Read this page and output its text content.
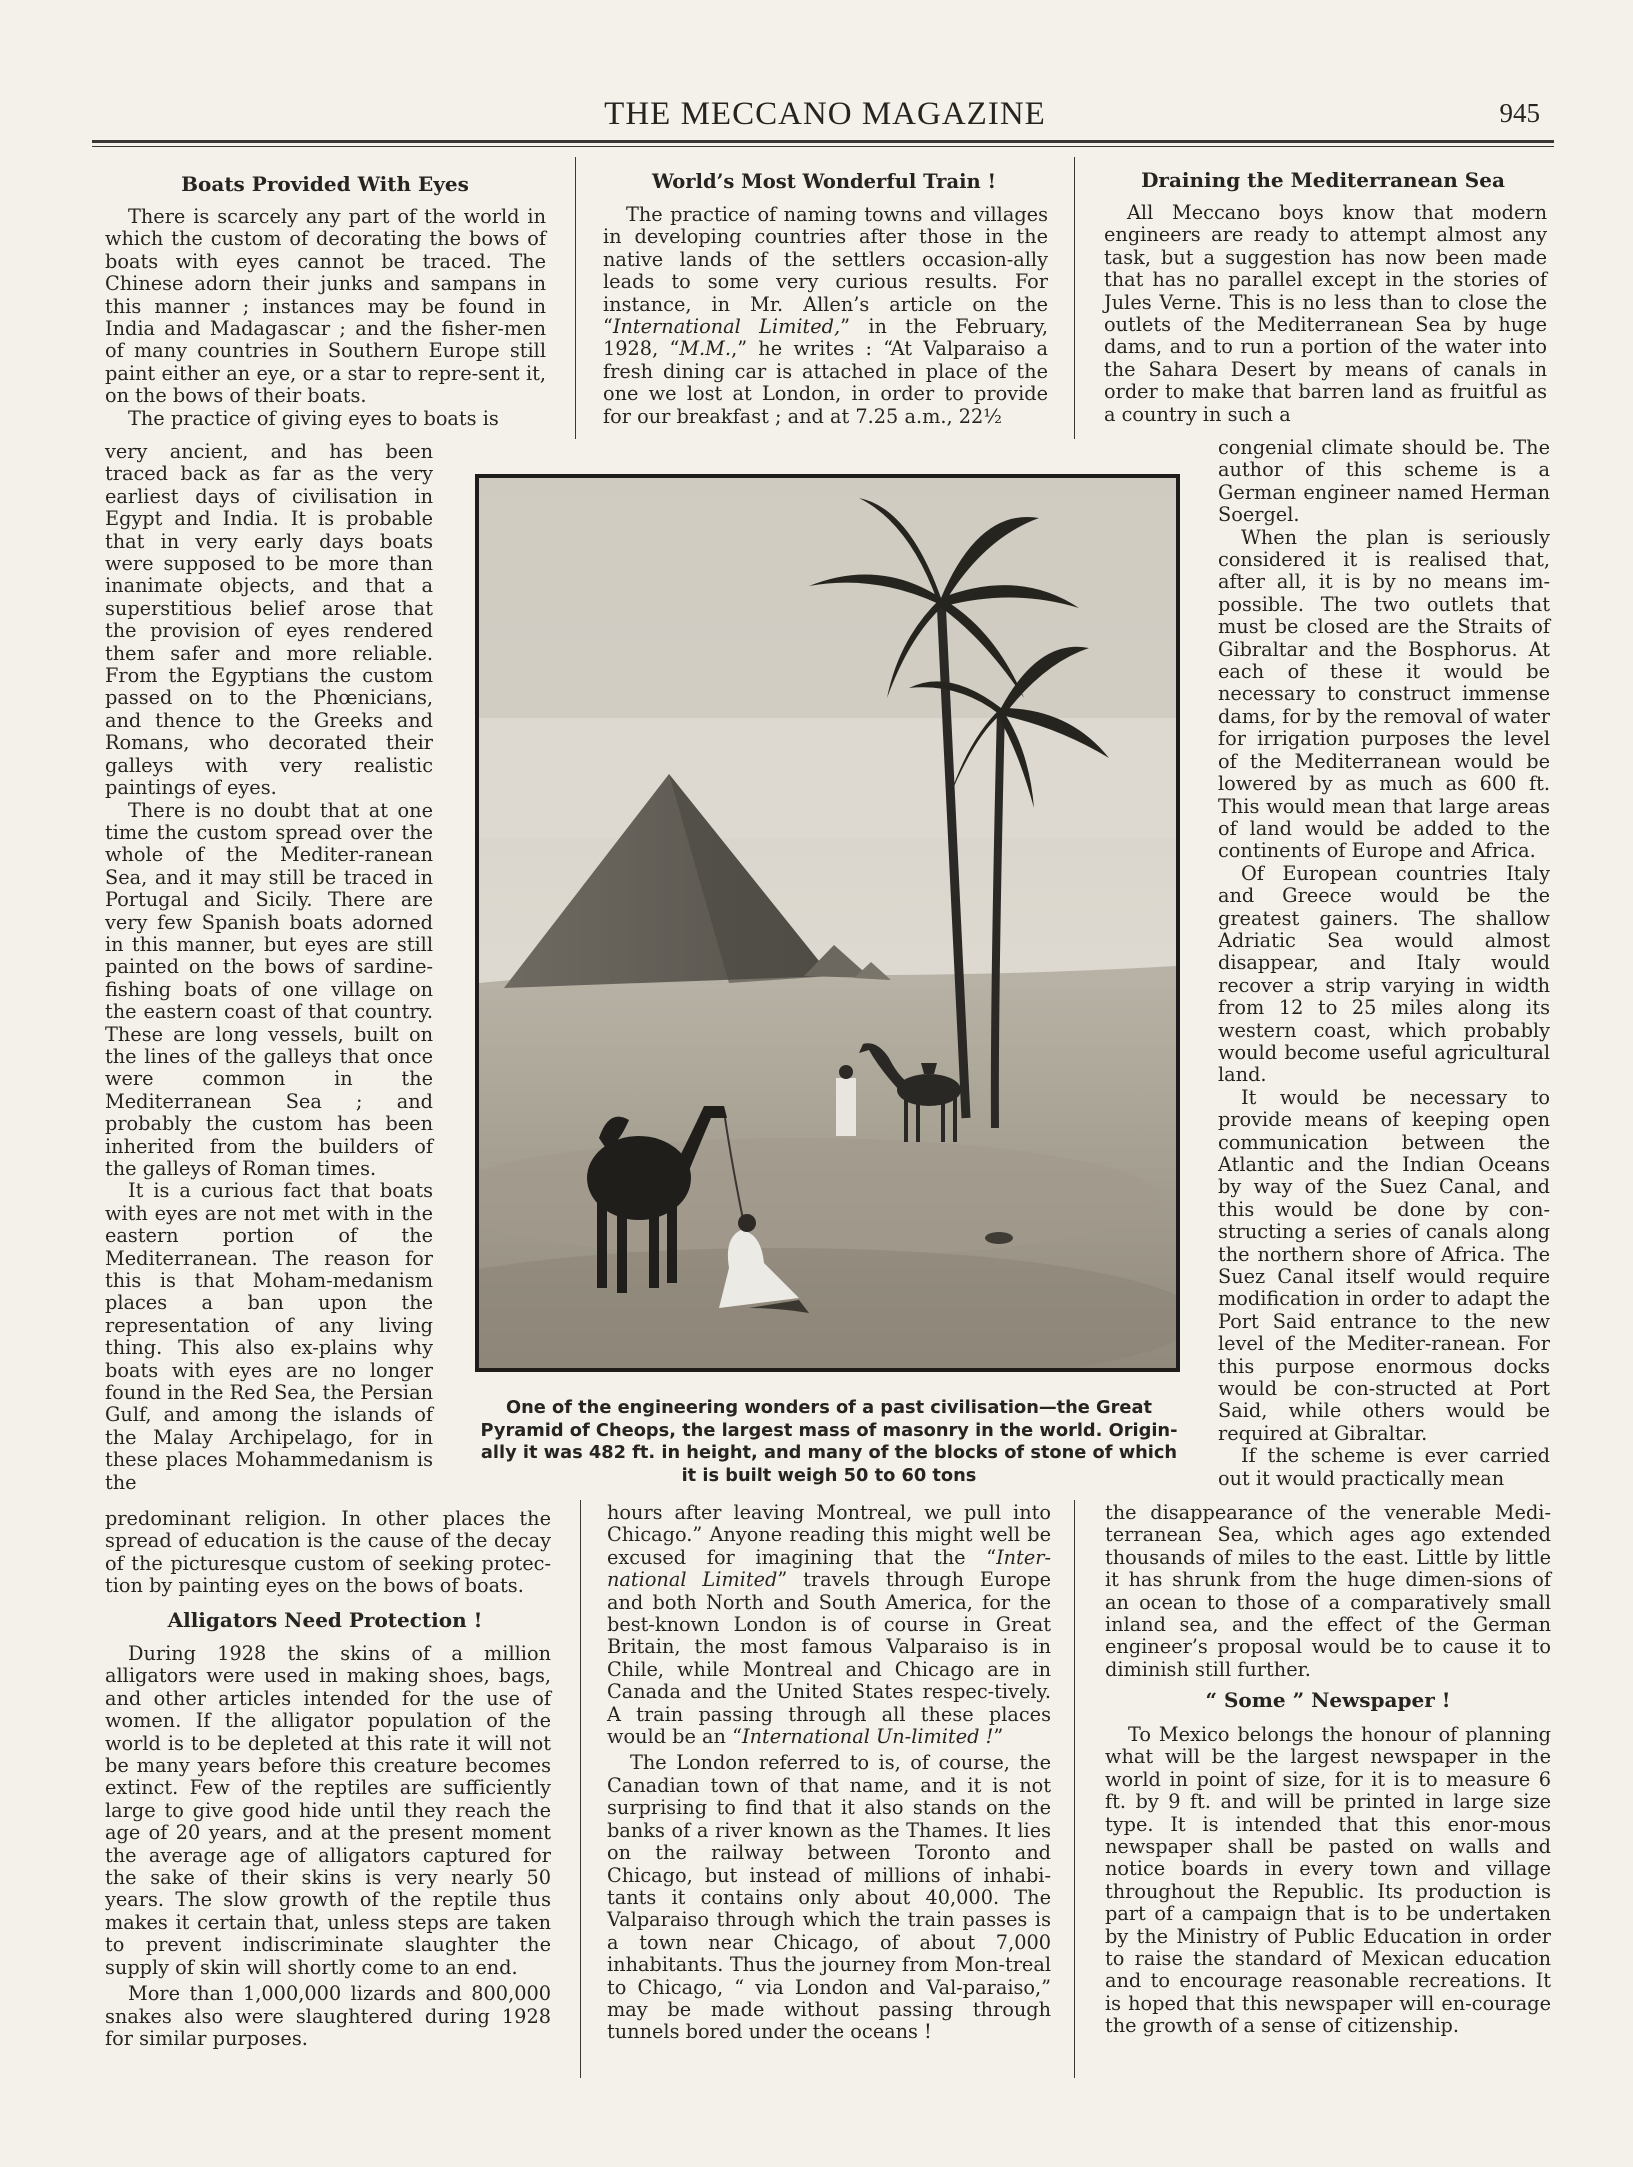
THE MECCANO MAGAZINE	945
Boats Provided With Eyes

There is scarcely any part of the world in which the custom of decorating the bows of boats with eyes cannot be traced. The Chinese adorn their junks and sampans in this manner ; instances may be found in India and Madagascar ; and the fisher-men of many countries in Southern Europe still paint either an eye, or a star to repre-sent it, on the bows of their boats.

The practice of giving eyes to boats is

very ancient, and has been traced back as far as the very earliest days of civilisation in Egypt and India. It is probable that in very early days boats were supposed to be more than inanimate objects, and that a superstitious belief arose that the provision of eyes rendered them safer and more reliable. From the Egyptians the custom passed on to the Phœnicians, and thence to the Greeks and Romans, who decorated their galleys with very realistic paintings of eyes.

There is no doubt that at one time the custom spread over the whole of the Mediter-ranean Sea, and it may still be traced in Portugal and Sicily. There are very few Spanish boats adorned in this manner, but eyes are still painted on the bows of sardine-fishing boats of one village on the eastern coast of that country. These are long vessels, built on the lines of the galleys that once were common in the Mediterranean Sea ; and probably the custom has been inherited from the builders of the galleys of Roman times.

It is a curious fact that boats with eyes are not met with in the eastern portion of the Mediterranean. The reason for this is that Moham-medanism places a ban upon the representation of any living thing. This also ex-plains why boats with eyes are no longer found in the Red Sea, the Persian Gulf, and among the islands of the Malay Archipelago, for in these places Mohammedanism is the

predominant religion. In other places the spread of education is the cause of the decay of the picturesque custom of seeking protec-tion by painting eyes on the bows of boats.

Alligators Need Protection !

During 1928 the skins of a million alligators were used in making shoes, bags, and other articles intended for the use of women. If the alligator population of the world is to be depleted at this rate it will not be many years before this creature becomes extinct. Few of the reptiles are sufficiently large to give good hide until they reach the age of 20 years, and at the present moment the average age of alligators captured for the sake of their skins is very nearly 50 years. The slow growth of the reptile thus makes it certain that, unless steps are taken to prevent indiscriminate slaughter the supply of skin will shortly come to an end.

More than 1,000,000 lizards and 800,000 snakes also were slaughtered during 1928 for similar purposes.

World’s Most Wonderful Train !

The practice of naming towns and villages in developing countries after those in the native lands of the settlers occasion-ally leads to some very curious results. For instance, in Mr. Allen’s article on the “International Limited,” in the February, 1928, “M.M.,” he writes : “At Valparaiso a fresh dining car is attached in place of the one we lost at London, in order to provide for our breakfast ; and at 7.25 a.m., 22½

hours after leaving Montreal, we pull into Chicago.” Anyone reading this might well be excused for imagining that the “Inter-national Limited” travels through Europe and both North and South America, for the best-known London is of course in Great Britain, the most famous Valparaiso is in Chile, while Montreal and Chicago are in Canada and the United States respec-tively. A train passing through all these places would be an “International Un-limited !”

The London referred to is, of course, the Canadian town of that name, and it is not surprising to find that it also stands on the banks of a river known as the Thames. It lies on the railway between Toronto and Chicago, but instead of millions of inhabi-tants it contains only about 40,000. The Valparaiso through which the train passes is a town near Chicago, of about 7,000 inhabitants. Thus the journey from Mon-treal to Chicago, “ via London and Val-paraiso,” may be made without passing through tunnels bored under the oceans !

One of the engineering wonders of a past civilisation—the Great Pyramid of Cheops, the largest mass of masonry in the world. Origin-ally it was 482 ft. in height, and many of the blocks of stone of which it is built weigh 50 to 60 tons
Draining the Mediterranean Sea

All Meccano boys know that modern engineers are ready to attempt almost any task, but a suggestion has now been made that has no parallel except in the stories of Jules Verne. This is no less than to close the outlets of the Mediterranean Sea by huge dams, and to run a portion of the water into the Sahara Desert by means of canals in order to make that barren land as fruitful as a country in such a

congenial climate should be. The author of this scheme is a German engineer named Herman Soergel.

When the plan is seriously considered it is realised that, after all, it is by no means im-possible. The two outlets that must be closed are the Straits of Gibraltar and the Bosphorus. At each of these it would be necessary to construct immense dams, for by the removal of water for irrigation purposes the level of the Mediterranean would be lowered by as much as 600 ft. This would mean that large areas of land would be added to the continents of Europe and Africa.

Of European countries Italy and Greece would be the greatest gainers. The shallow Adriatic Sea would almost disappear, and Italy would recover a strip varying in width from 12 to 25 miles along its western coast, which probably would become useful agricultural land.

It would be necessary to provide means of keeping open communication between the Atlantic and the Indian Oceans by way of the Suez Canal, and this would be done by con-structing a series of canals along the northern shore of Africa. The Suez Canal itself would require modification in order to adapt the Port Said entrance to the new level of the Mediter-ranean. For this purpose enormous docks would be con-structed at Port Said, while others would be required at Gibraltar.

If the scheme is ever carried out it would practically mean

the disappearance of the venerable Medi-terranean Sea, which ages ago extended thousands of miles to the east. Little by little it has shrunk from the huge dimen-sions of an ocean to those of a comparatively small inland sea, and the effect of the German engineer’s proposal would be to cause it to diminish still further.

“ Some ” Newspaper !

To Mexico belongs the honour of planning what will be the largest newspaper in the world in point of size, for it is to measure 6 ft. by 9 ft. and will be printed in large size type. It is intended that this enor-mous newspaper shall be pasted on walls and notice boards in every town and village throughout the Republic. Its production is part of a campaign that is to be undertaken by the Ministry of Public Education in order to raise the standard of Mexican education and to encourage reasonable recreations. It is hoped that this newspaper will en-courage the growth of a sense of citizenship.
